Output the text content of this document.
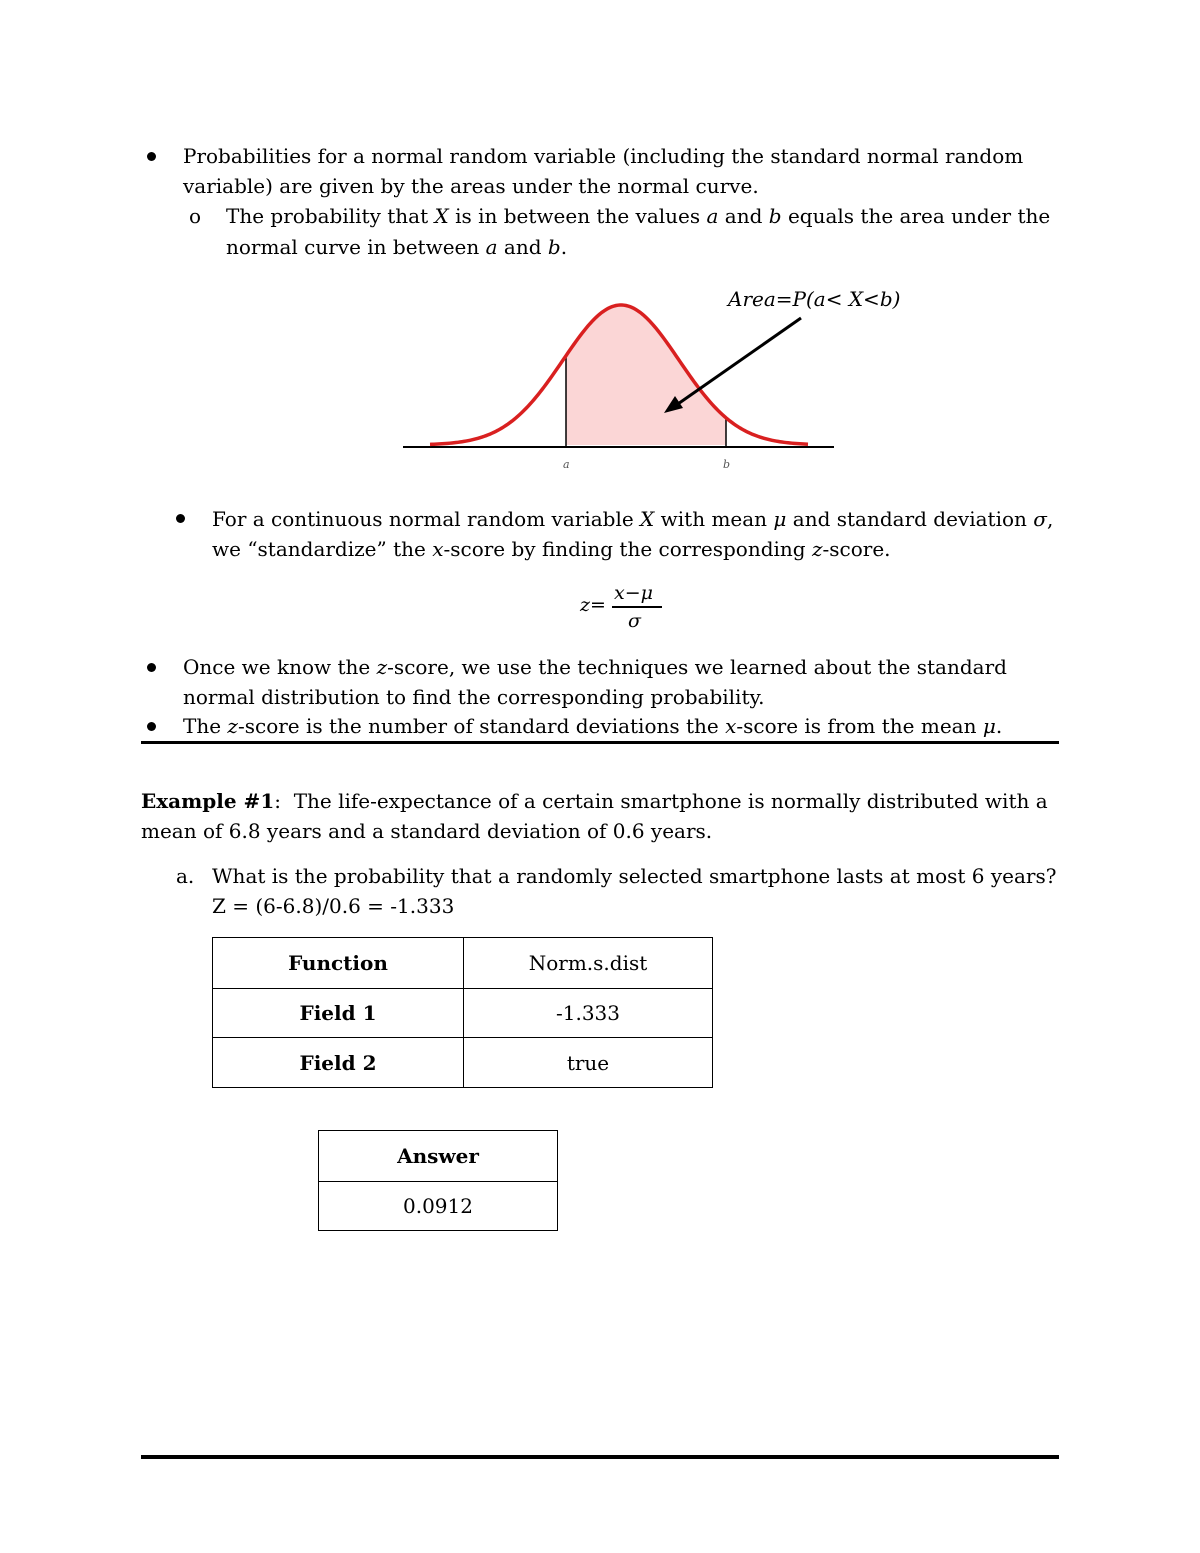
Probabilities for a normal random variable (including the standard normal random
variable) are given by the areas under the normal curve.
o The probability that X is in between the values a and b equals the area under the
normal curve in between a and b.
a	b
Area=P(a< X<b)
For a continuous normal random variable X with mean μ and standard deviation σ,
we “standardize” the x-score by finding the corresponding z-score.
z=
x−μ
σ
Once we know the z-score, we use the techniques we learned about the standard
normal distribution to find the corresponding probability.
The z-score is the number of standard deviations the x-score is from the mean μ.
Example #1:  The life-expectance of a certain smartphone is normally distributed with a
mean of 6.8 years and a standard deviation of 0.6 years.
a. What is the probability that a randomly selected smartphone lasts at most 6 years?
Z = (6-6.8)/0.6 = -1.333
Function	Norm.s.dist
Field 1	-1.333
Field 2	true
Answer
0.0912
